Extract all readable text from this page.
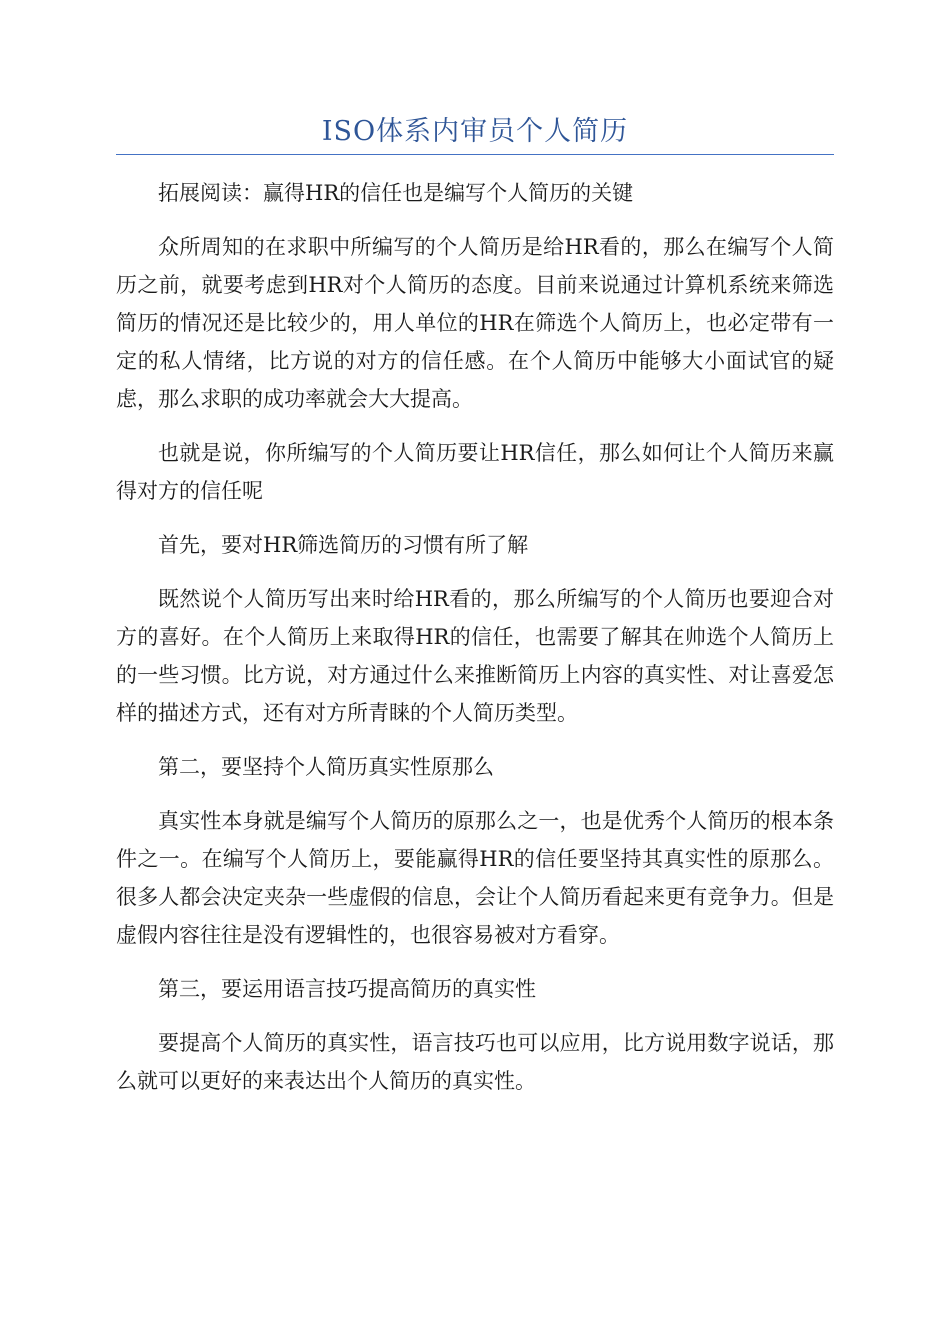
ISO体系内审员个人简历

拓展阅读：赢得HR的信任也是编写个人简历的关键

众所周知的在求职中所编写的个人简历是给HR看的，那么在编写个人简历之前，就要考虑到HR对个人简历的态度。目前来说通过计算机系统来筛选简历的情况还是比较少的，用人单位的HR在筛选个人简历上，也必定带有一定的私人情绪，比方说的对方的信任感。在个人简历中能够大小面试官的疑虑，那么求职的成功率就会大大提高。

也就是说，你所编写的个人简历要让HR信任，那么如何让个人简历来赢得对方的信任呢

首先，要对HR筛选简历的习惯有所了解

既然说个人简历写出来时给HR看的，那么所编写的个人简历也要迎合对方的喜好。在个人简历上来取得HR的信任，也需要了解其在帅选个人简历上的一些习惯。比方说，对方通过什么来推断简历上内容的真实性、对让喜爱怎样的描述方式，还有对方所青睐的个人简历类型。

第二，要坚持个人简历真实性原那么

真实性本身就是编写个人简历的原那么之一，也是优秀个人简历的根本条件之一。在编写个人简历上，要能赢得HR的信任要坚持其真实性的原那么。很多人都会决定夹杂一些虚假的信息，会让个人简历看起来更有竞争力。但是虚假内容往往是没有逻辑性的，也很容易被对方看穿。

第三，要运用语言技巧提高简历的真实性

要提高个人简历的真实性，语言技巧也可以应用，比方说用数字说话，那么就可以更好的来表达出个人简历的真实性。
